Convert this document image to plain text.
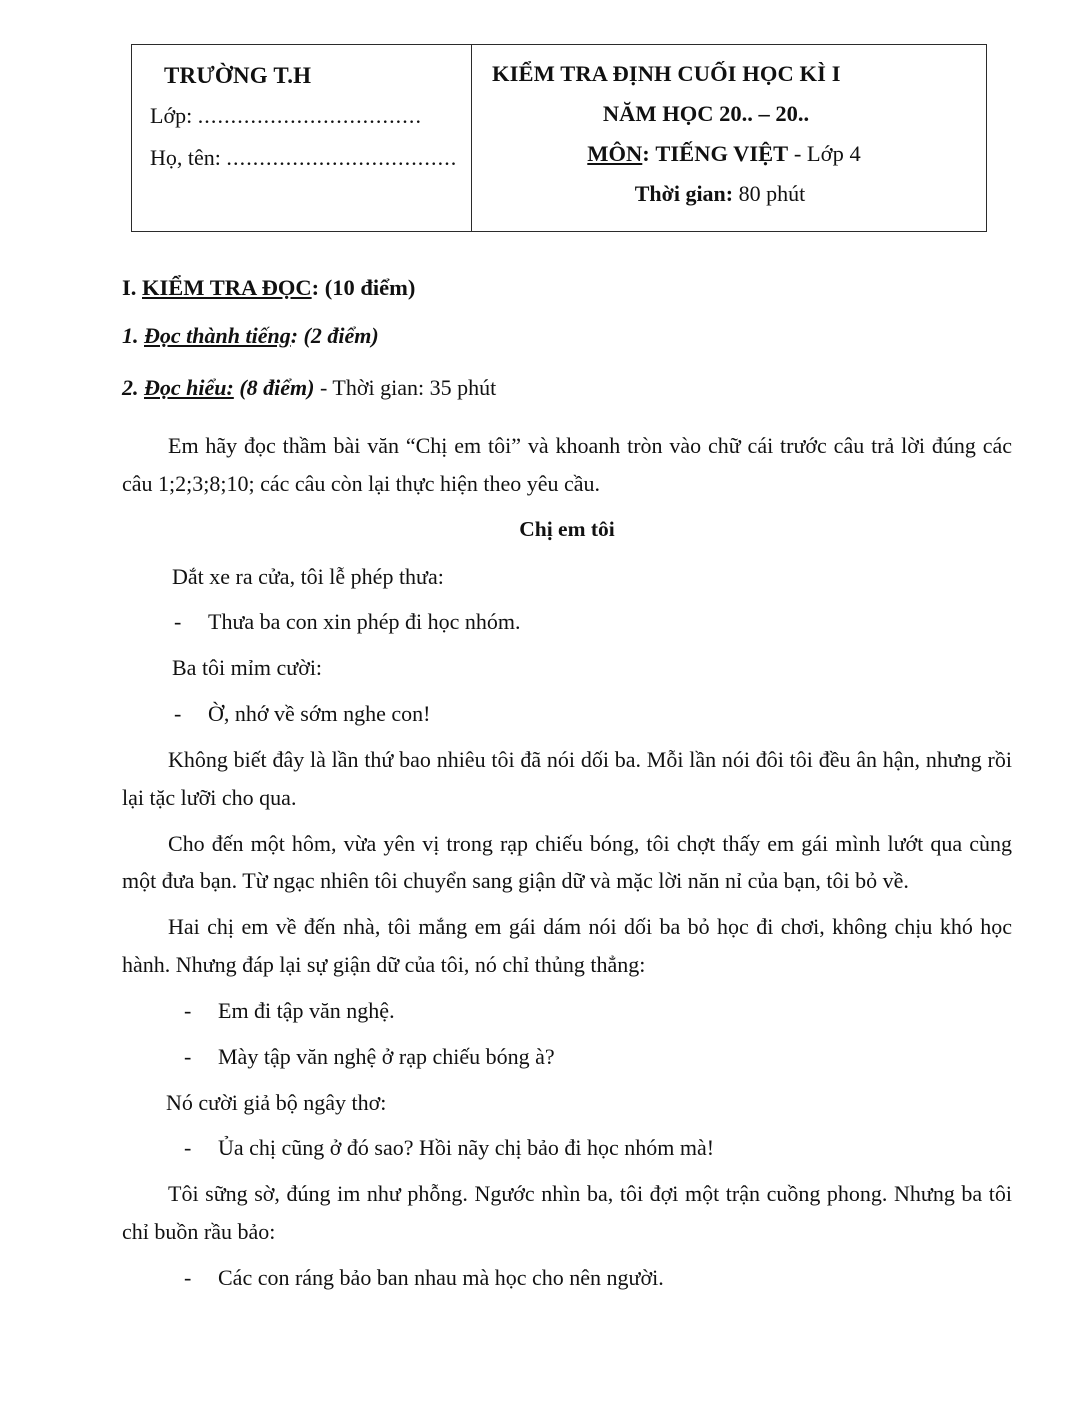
TRƯỜNG T.H
Lớp: ..................................
Họ, tên: ...................................
KIỂM TRA ĐỊNH CUỐI HỌC KÌ I
NĂM HỌC 20.. – 20..
MÔN: TIẾNG VIỆT - Lớp 4
Thời gian: 80 phút
I. KIỂM TRA ĐỌC: (10 điểm)
1. Đọc thành tiếng: (2 điểm)
2. Đọc hiểu: (8 điểm) - Thời gian: 35 phút
Em hãy đọc thầm bài văn “Chị em tôi” và khoanh tròn vào chữ cái trước câu trả lời đúng các câu 1;2;3;8;10; các câu còn lại thực hiện theo yêu cầu.
Chị em tôi
Dắt xe ra cửa, tôi lễ phép thưa:
-	Thưa ba con xin phép đi học nhóm.
Ba tôi mỉm cười:
-	Ờ, nhớ về sớm nghe con!
Không biết đây là lần thứ bao nhiêu tôi đã nói dối ba. Mỗi lần nói đôi tôi đều ân hận, nhưng rồi lại tặc lưỡi cho qua.
Cho đến một hôm, vừa yên vị trong rạp chiếu bóng, tôi chợt thấy em gái mình lướt qua cùng một đưa bạn. Từ ngạc nhiên tôi chuyển sang giận dữ và mặc lời năn nỉ của bạn, tôi bỏ về.
Hai chị em về đến nhà, tôi mắng em gái dám nói dối ba bỏ học đi chơi, không chịu khó học hành. Nhưng đáp lại sự giận dữ của tôi, nó chỉ thủng thẳng:
-	Em đi tập văn nghệ.
-	Mày tập văn nghệ ở rạp chiếu bóng à?
Nó cười giả bộ ngây thơ:
-	Ủa chị cũng ở đó sao? Hồi nãy chị bảo đi học nhóm mà!
Tôi sững sờ, đúng im như phỗng. Ngước nhìn ba, tôi đợi một trận cuồng phong. Nhưng ba tôi chỉ buồn rầu bảo:
-	Các con ráng bảo ban nhau mà học cho nên người.
